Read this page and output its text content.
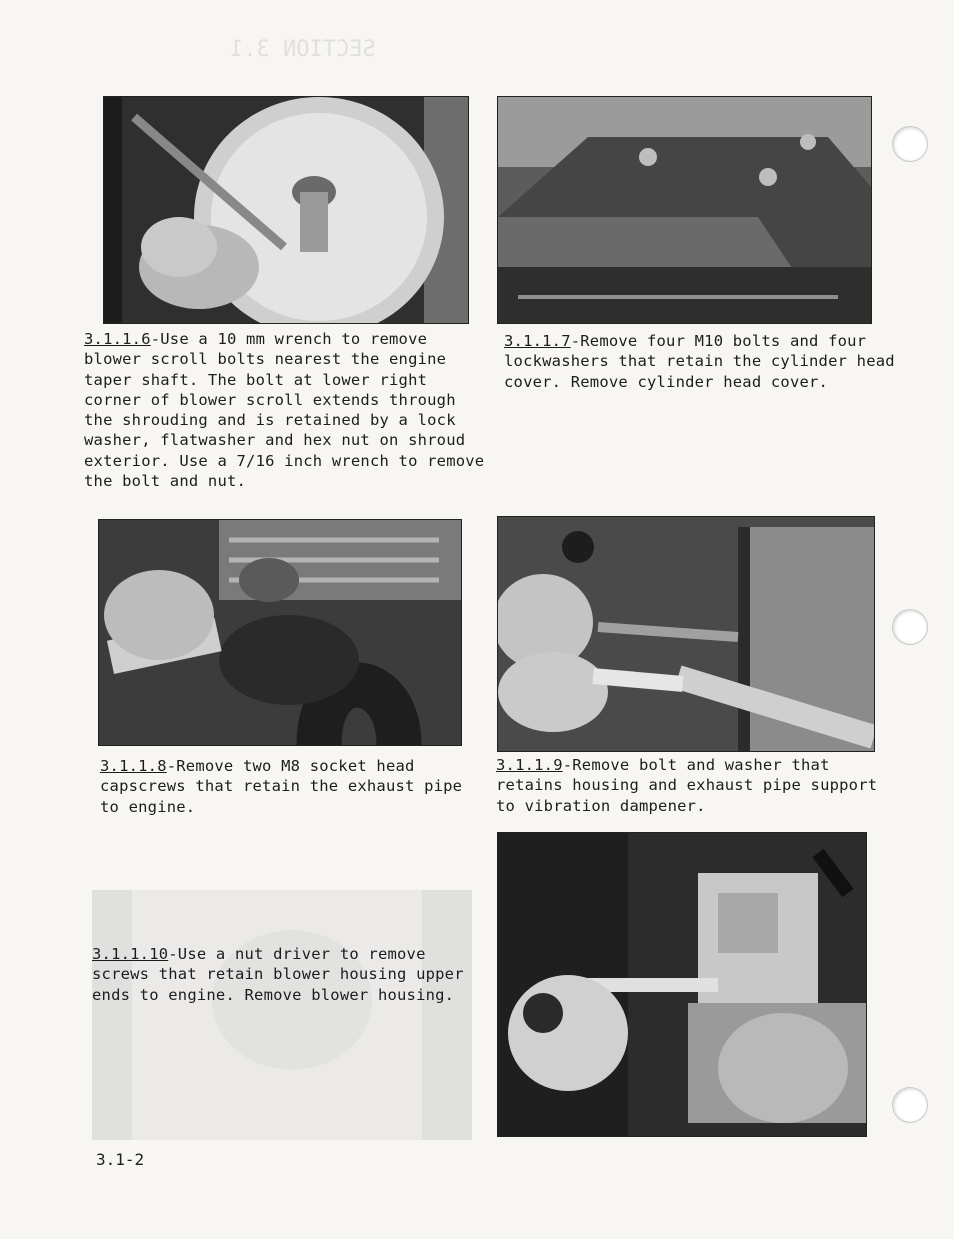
SECTION 3.1
3.1.1.6-Use a 10 mm wrench to remove blower scroll bolts nearest the engine taper shaft. The bolt at lower right corner of blower scroll extends through the shrouding and is retained by a lock washer, flatwasher and hex nut on shroud exterior. Use a 7/16 inch wrench to remove the bolt and nut.
3.1.1.7-Remove four M10 bolts and four lockwashers that retain the cylinder head cover. Remove cylinder head cover.
3.1.1.8-Remove two M8 socket head capscrews that retain the exhaust pipe to engine.
3.1.1.9-Remove bolt and washer that retains housing and exhaust pipe support to vibration dampener.
3.1.1.10-Use a nut driver to remove screws that retain blower housing upper ends to engine. Remove blower housing.
3.1-2
